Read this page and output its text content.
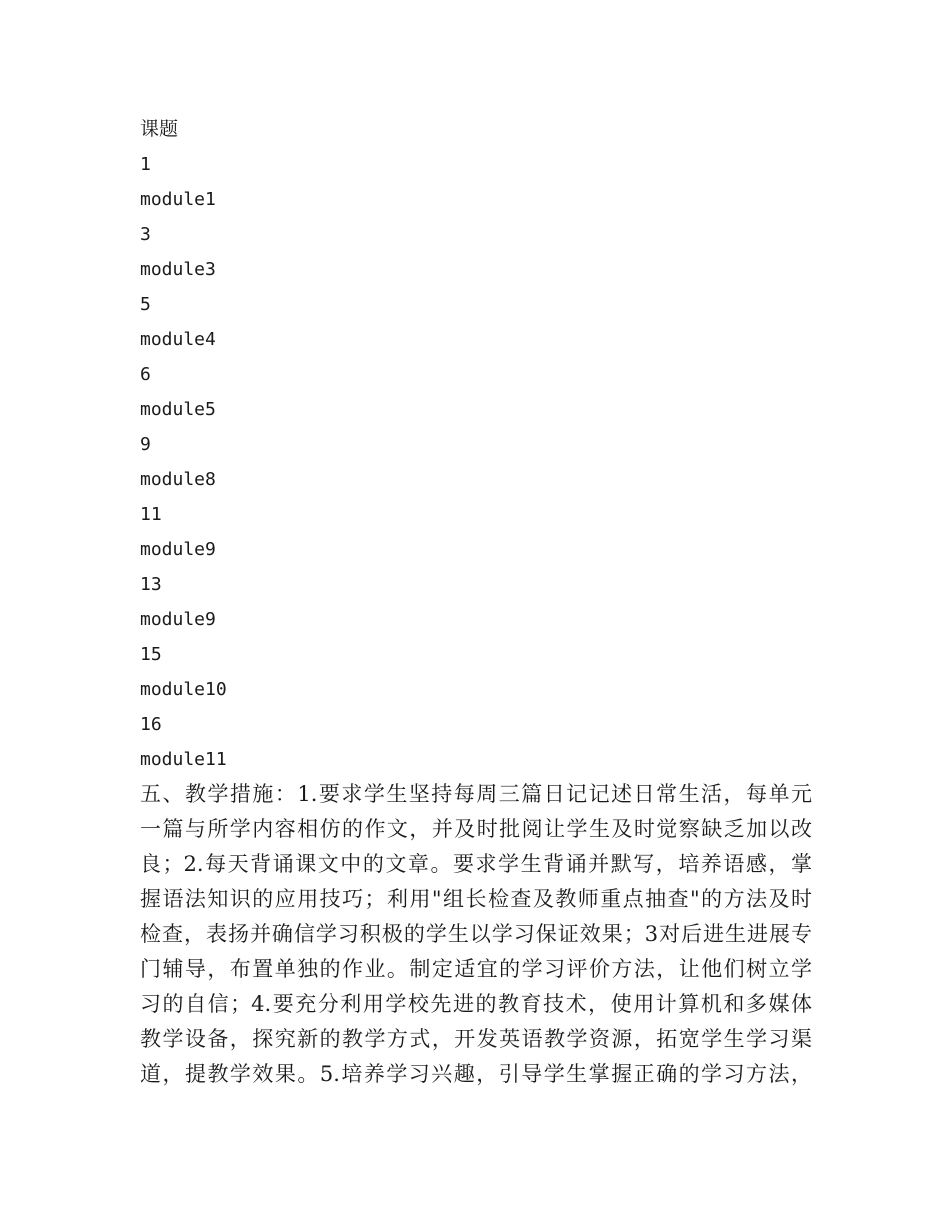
课题
1
module1
3
module3
5
module4
6
module5
9
module8
11
module9
13
module9
15
module10
16
module11
五、教学措施：1.要求学生坚持每周三篇日记记述日常生活，每单元
一篇与所学内容相仿的作文，并及时批阅让学生及时觉察缺乏加以改
良；2.每天背诵课文中的文章。要求学生背诵并默写，培养语感，掌
握语法知识的应用技巧；利用"组长检查及教师重点抽查"的方法及时
检查，表扬并确信学习积极的学生以学习保证效果；3对后进生进展专
门辅导，布置单独的作业。制定适宜的学习评价方法，让他们树立学
习的自信；4.要充分利用学校先进的教育技术，使用计算机和多媒体
教学设备，探究新的教学方式，开发英语教学资源，拓宽学生学习渠
道，提教学效果。5.培养学习兴趣，引导学生掌握正确的学习方法，
